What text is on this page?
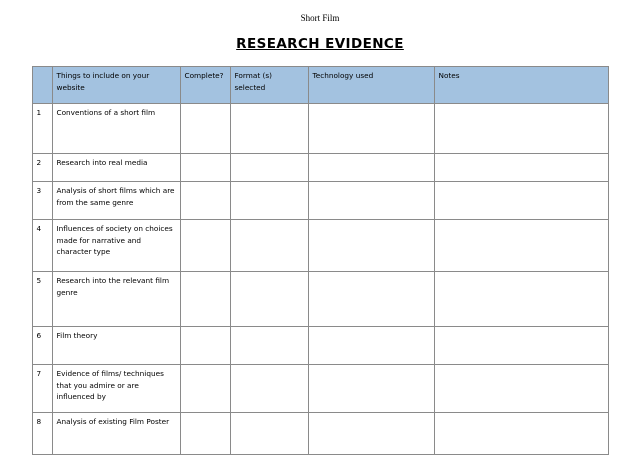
Short Film
RESEARCH EVIDENCE
	Things to include on your website	Complete?	Format (s) selected	Technology used	Notes
1	Conventions of a short film				
2	Research into real media				
3	Analysis of short films which are from the same genre				
4	Influences of society on choices made for narrative and character type				
5	Research into the relevant film genre				
6	Film theory				
7	Evidence of films/ techniques that you admire or are influenced by				
8	Analysis of existing Film Poster				
